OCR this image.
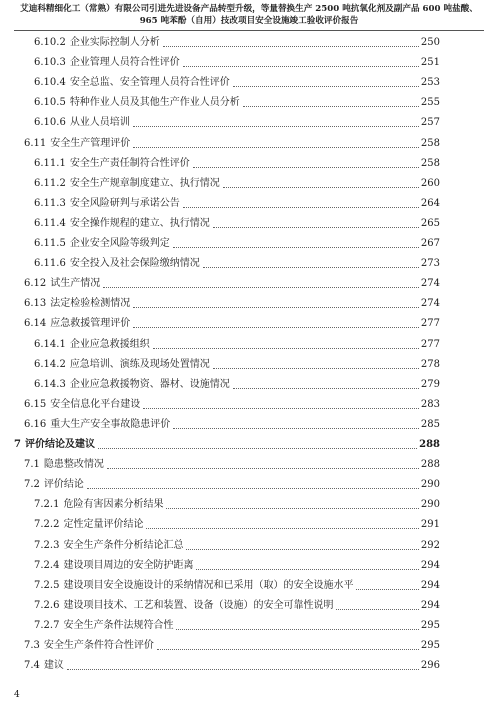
艾迪科精细化工（常熟）有限公司引进先进设备产品转型升级，等量替换生产 2500 吨抗氧化剂及副产品 600 吨盐酸、
965 吨苯酚（自用）技改项目安全设施竣工验收评价报告
6.10.2 企业实际控制人分析	250
6.10.3 企业管理人员符合性评价	251
6.10.4 安全总监、安全管理人员符合性评价	253
6.10.5 特种作业人员及其他生产作业人员分析	255
6.10.6 从业人员培训	257
6.11 安全生产管理评价	258
6.11.1 安全生产责任制符合性评价	258
6.11.2 安全生产规章制度建立、执行情况	260
6.11.3 安全风险研判与承诺公告	264
6.11.4 安全操作规程的建立、执行情况	265
6.11.5 企业安全风险等级判定	267
6.11.6 安全投入及社会保险缴纳情况	273
6.12 试生产情况	274
6.13 法定检验检测情况	274
6.14 应急救援管理评价	277
6.14.1 企业应急救援组织	277
6.14.2 应急培训、演练及现场处置情况	278
6.14.3 企业应急救援物资、器材、设施情况	279
6.15 安全信息化平台建设	283
6.16 重大生产安全事故隐患评价	285
7 评价结论及建议	288
7.1 隐患整改情况	288
7.2 评价结论	290
7.2.1 危险有害因素分析结果	290
7.2.2 定性定量评价结论	291
7.2.3 安全生产条件分析结论汇总	292
7.2.4 建设项目周边的安全防护距离	294
7.2.5 建设项目安全设施设计的采纳情况和已采用（取）的安全设施水平	294
7.2.6 建设项目技术、工艺和装置、设备（设施）的安全可靠性说明	294
7.2.7 安全生产条件法规符合性	295
7.3 安全生产条件符合性评价	295
7.4 建议	296
4
